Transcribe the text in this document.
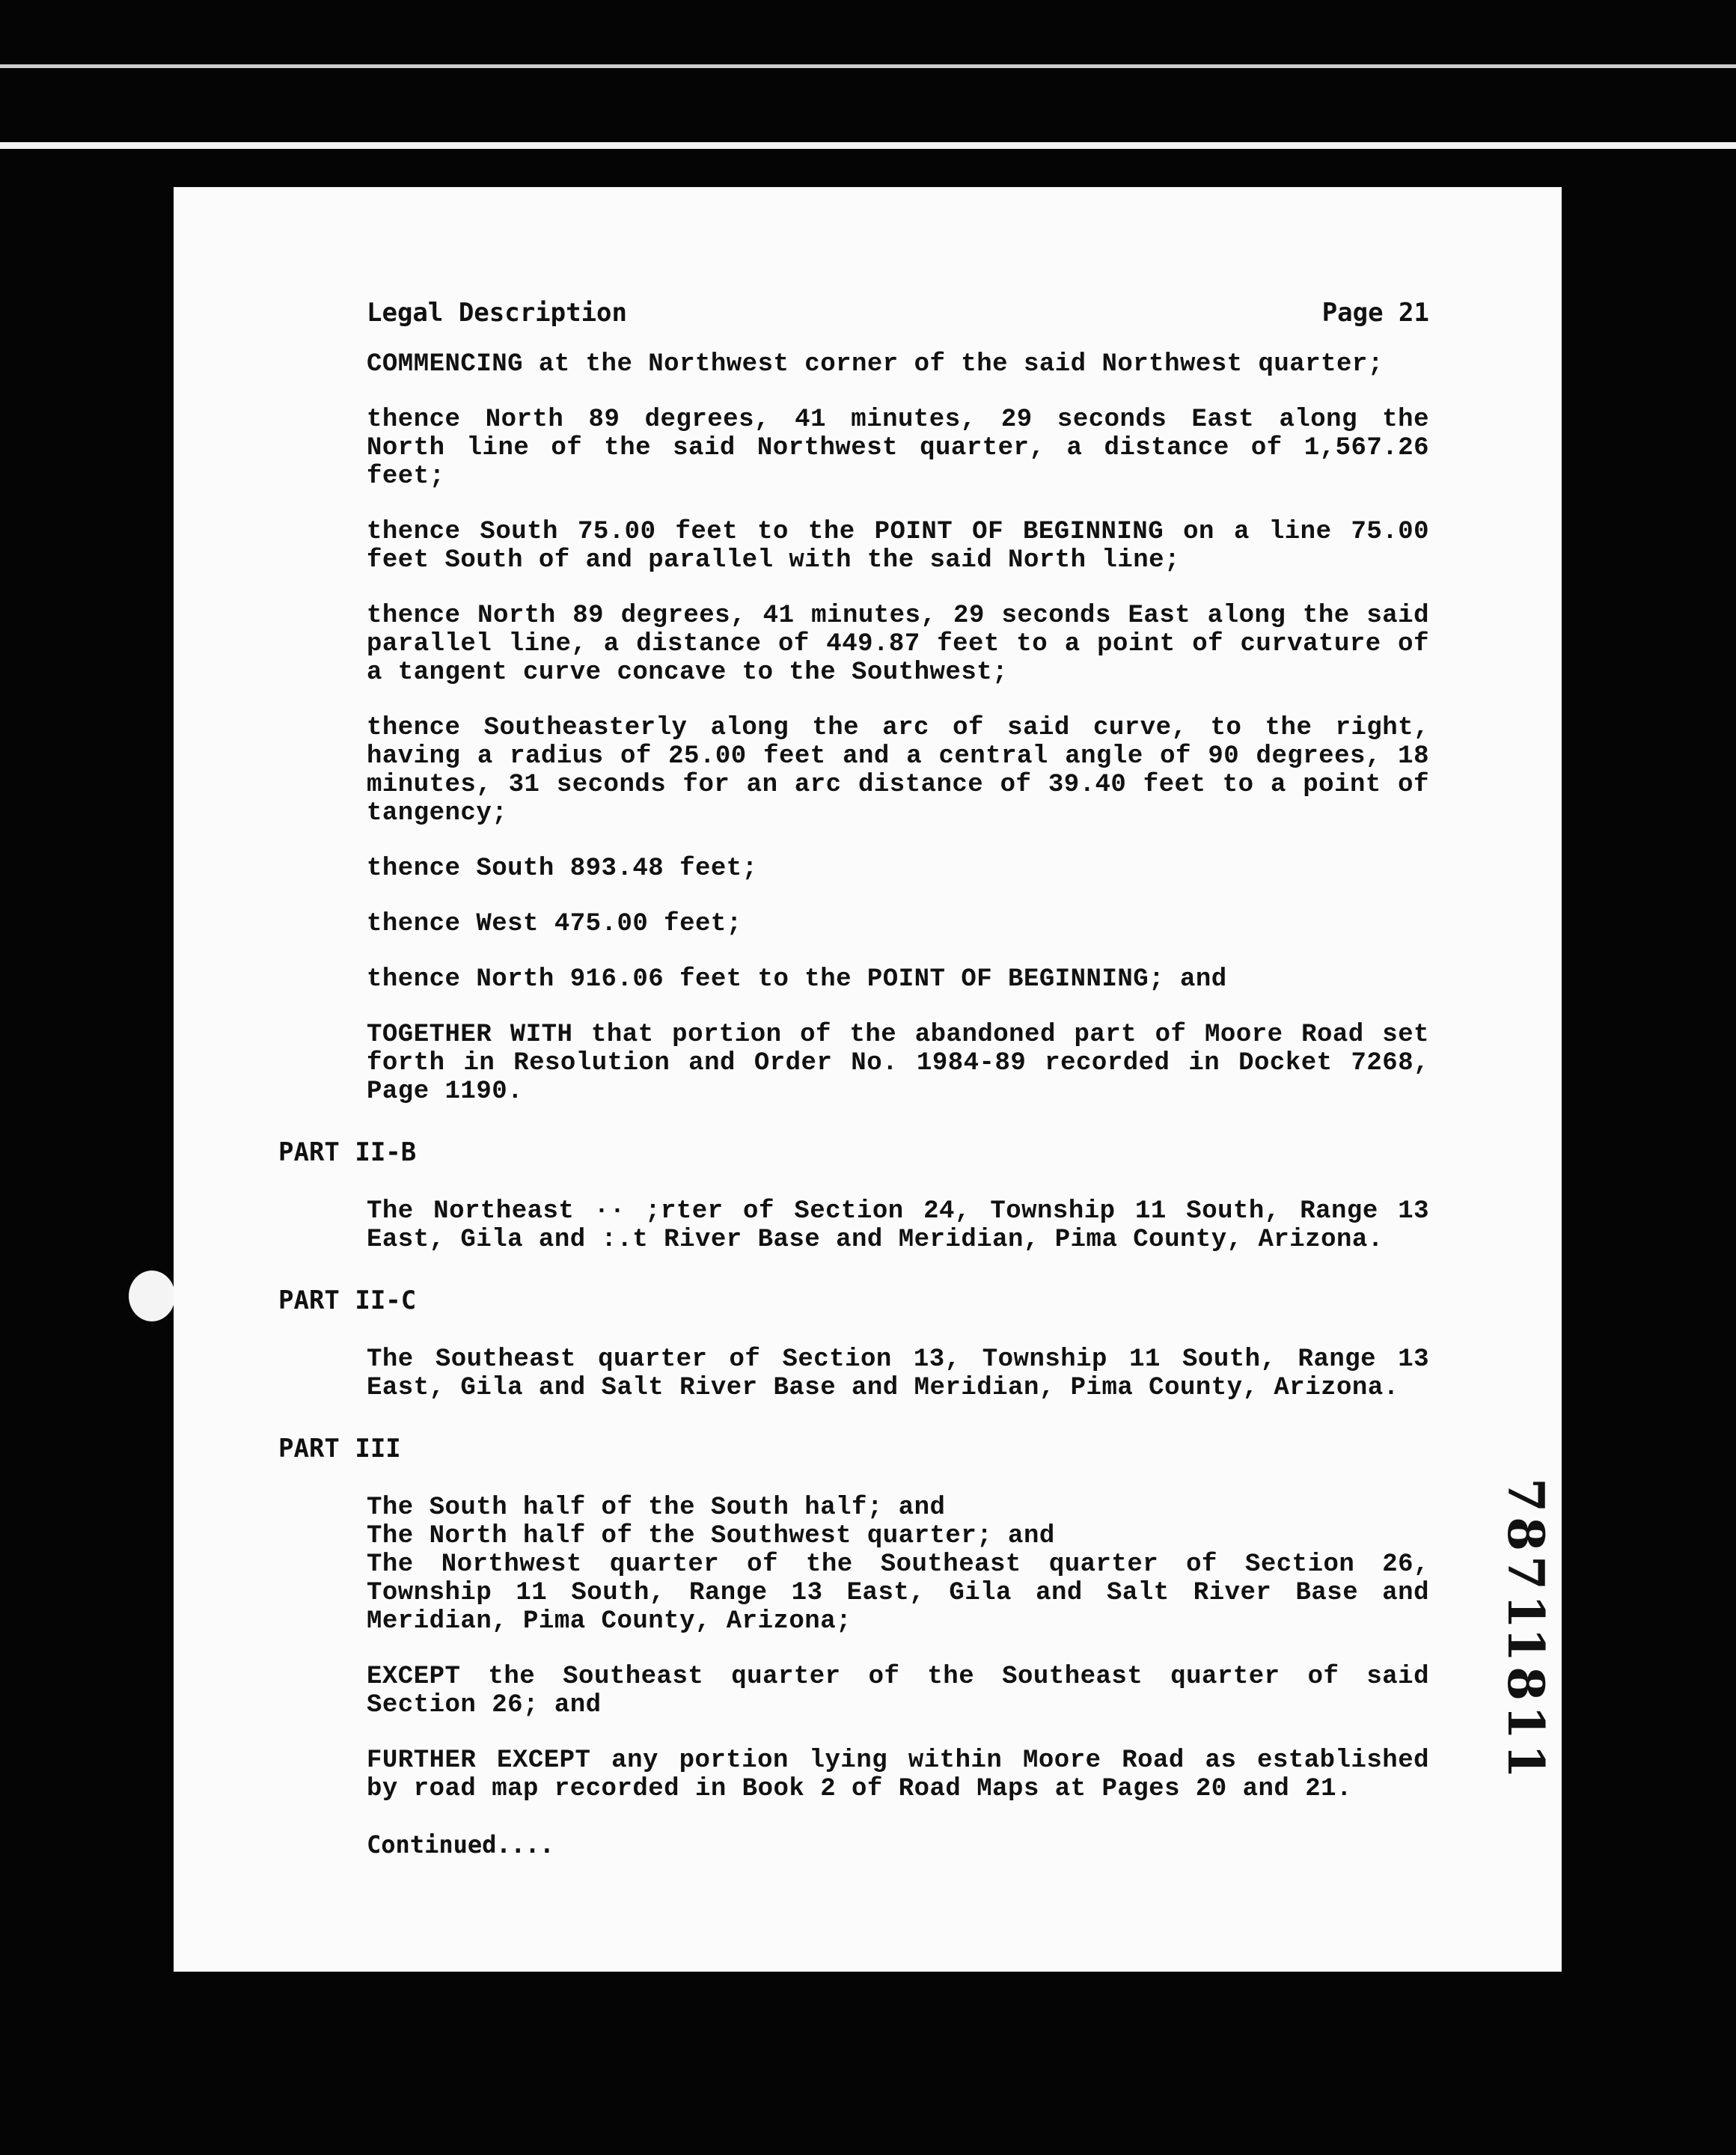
Legal Description	Page 21

COMMENCING at the Northwest corner of the said Northwest quarter;

thence North 89 degrees, 41 minutes, 29 seconds East along the North line of the said Northwest quarter, a distance of 1,567.26 feet;

thence South 75.00 feet to the POINT OF BEGINNING on a line 75.00 feet South of and parallel with the said North line;

thence North 89 degrees, 41 minutes, 29 seconds East along the said parallel line, a distance of 449.87 feet to a point of curvature of a tangent curve concave to the Southwest;

thence Southeasterly along the arc of said curve, to the right, having a radius of 25.00 feet and a central angle of 90 degrees, 18 minutes, 31 seconds for an arc distance of 39.40 feet to a point of tangency;

thence South 893.48 feet;

thence West 475.00 feet;

thence North 916.06 feet to the POINT OF BEGINNING; and

TOGETHER WITH that portion of the abandoned part of Moore Road set forth in Resolution and Order No. 1984-89 recorded in Docket 7268, Page 1190.

PART II-B

The Northeast ·· ;rter of Section 24, Township 11 South, Range 13 East, Gila and :.t River Base and Meridian, Pima County, Arizona.

PART II-C

The Southeast quarter of Section 13, Township 11 South, Range 13 East, Gila and Salt River Base and Meridian, Pima County, Arizona.

PART III
The South half of the South half; and
The North half of the Southwest quarter; and

The Northwest quarter of the Southeast quarter of Section 26, Township 11 South, Range 13 East, Gila and Salt River Base and Meridian, Pima County, Arizona;

EXCEPT the Southeast quarter of the Southeast quarter of said Section 26; and

FURTHER EXCEPT any portion lying within Moore Road as established by road map recorded in Book 2 of Road Maps at Pages 20 and 21.

Continued....
7871
1811
